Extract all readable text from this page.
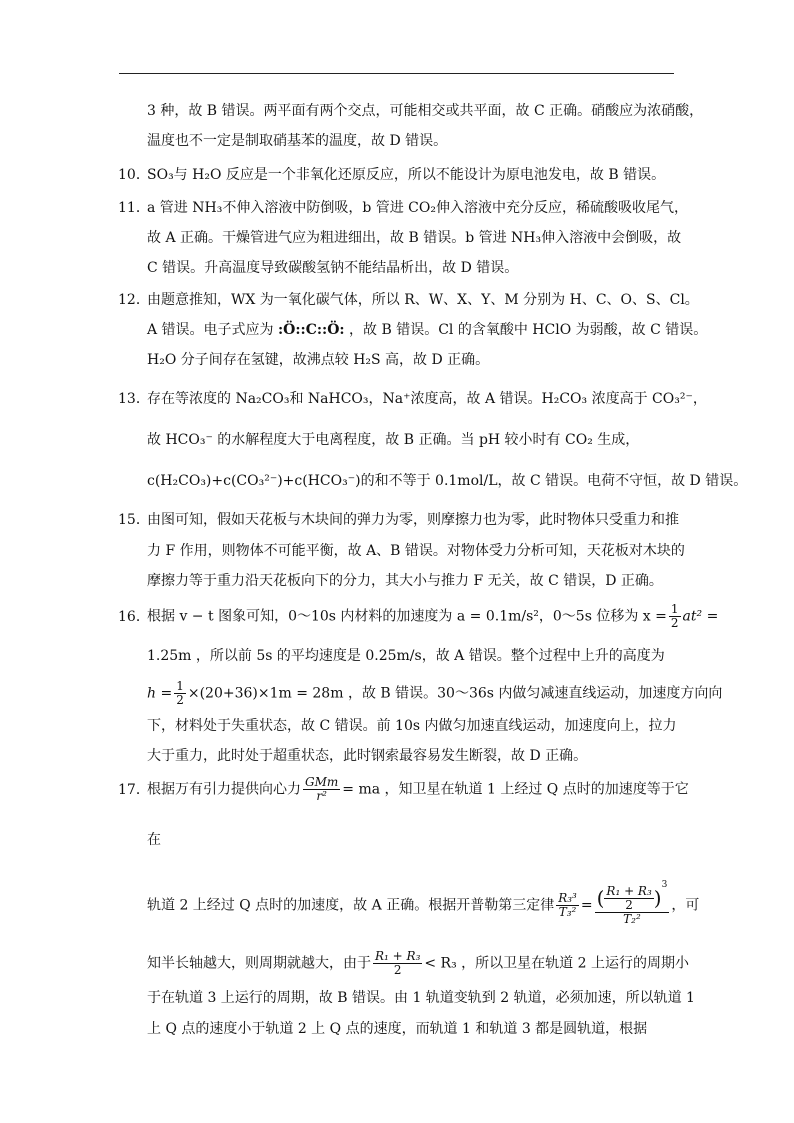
3 种，故 B 错误。两平面有两个交点，可能相交或共平面，故 C 正确。硝酸应为浓硝酸，
温度也不一定是制取硝基苯的温度，故 D 错误。
10．
SO₃与 H₂O 反应是一个非氧化还原反应，所以不能设计为原电池发电，故 B 错误。
11．
a 管进 NH₃不伸入溶液中防倒吸，b 管进 CO₂伸入溶液中充分反应，稀硫酸吸收尾气，
故 A 正确。干燥管进气应为粗进细出，故 B 错误。b 管进 NH₃伸入溶液中会倒吸，故
C 错误。升高温度导致碳酸氢钠不能结晶析出，故 D 错误。
12．
由题意推知，WX 为一氧化碳气体，所以 R、W、X、Y、M 分别为 H、C、O、S、Cl。
A 错误。电子式应为 :Ö::C::Ö: ，故 B 错误。Cl 的含氧酸中 HClO 为弱酸，故 C 错误。
H₂O 分子间存在氢键，故沸点较 H₂S 高，故 D 正确。
13．
存在等浓度的 Na₂CO₃和 NaHCO₃，Na⁺浓度高，故 A 错误。H₂CO₃ 浓度高于 CO₃²⁻，
故 HCO₃⁻ 的水解程度大于电离程度，故 B 正确。当 pH 较小时有 CO₂ 生成，
c(H₂CO₃)+c(CO₃²⁻)+c(HCO₃⁻)的和不等于 0.1mol/L，故 C 错误。电荷不守恒，故 D 错误。
15．
由图可知，假如天花板与木块间的弹力为零，则摩擦力也为零，此时物体只受重力和推
力 F 作用，则物体不可能平衡，故 A、B 错误。对物体受力分析可知，天花板对木块的
摩擦力等于重力沿天花板向下的分力，其大小与推力 F 无关，故 C 错误，D 正确。
16．
根据 v − t 图象可知，0～10s 内材料的加速度为 a = 0.1m/s²，0～5s 位移为 $x = \frac{1}{2} at^2$ =
1.25m ，所以前 5s 的平均速度是 0.25m/s，故 A 错误。整个过程中上升的高度为
$h = \frac{1}{2} \times(20+36)\times 1m = 28m$ ，故 B 错误。30～36s 内做匀减速直线运动，加速度方向向
下，材料处于失重状态，故 C 错误。前 10s 内做匀加速直线运动，加速度向上，拉力
大于重力，此时处于超重状态，此时钢索最容易发生断裂，故 D 正确。
17．
根据万有引力提供向心力 GMm
r²	= ma ，知卫星在轨道 1 上经过 Q 点时的加速度等于它
在
轨道 2 上经过 Q 点时的加速度，故 A 正确。根据开普勒第三定律 $\frac{\text{R₃³}}{\text{T₃²}} = \frac{( \frac{\text{R₁ + R₃}}{2} )^3}{\text{T₂²}}$ ，可
知半长轴越大，则周期就越大，由于 $\frac{\text{R₁ + R₃}}{2} < R_3$ ，所以卫星在轨道 2 上运行的周期小
于在轨道 3 上运行的周期，故 B 错误。由 1 轨道变轨到 2 轨道，必须加速，所以轨道 1
上 Q 点的速度小于轨道 2 上 Q 点的速度，而轨道 1 和轨道 3 都是圆轨道，根据
